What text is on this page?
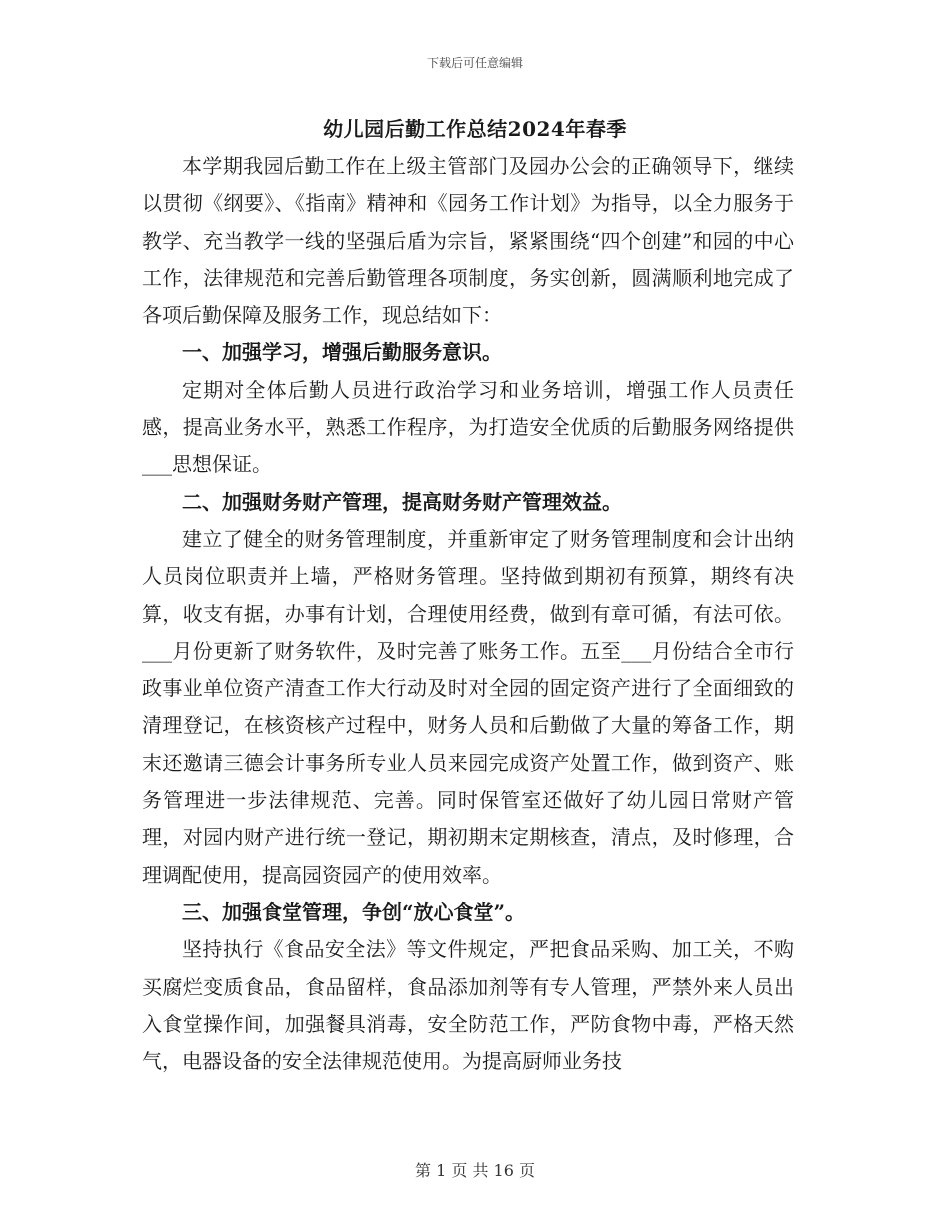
下载后可任意编辑
幼儿园后勤工作总结2024年春季

本学期我园后勤工作在上级主管部门及园办公会的正确领导下，继续以贯彻《纲要》、《指南》精神和《园务工作计划》为指导，以全力服务于教学、充当教学一线的坚强后盾为宗旨，紧紧围绕“四个创建”和园的中心工作，法律规范和完善后勤管理各项制度，务实创新，圆满顺利地完成了各项后勤保障及服务工作，现总结如下：

一、加强学习，增强后勤服务意识。

定期对全体后勤人员进行政治学习和业务培训，增强工作人员责任感，提高业务水平，熟悉工作程序，为打造安全优质的后勤服务网络提供___思想保证。

二、加强财务财产管理，提高财务财产管理效益。

建立了健全的财务管理制度，并重新审定了财务管理制度和会计出纳人员岗位职责并上墙，严格财务管理。坚持做到期初有预算，期终有决算，收支有据，办事有计划，合理使用经费，做到有章可循，有法可依。___月份更新了财务软件，及时完善了账务工作。五至___月份结合全市行政事业单位资产清查工作大行动及时对全园的固定资产进行了全面细致的清理登记，在核资核产过程中，财务人员和后勤做了大量的筹备工作，期末还邀请三德会计事务所专业人员来园完成资产处置工作，做到资产、账务管理进一步法律规范、完善。同时保管室还做好了幼儿园日常财产管理，对园内财产进行统一登记，期初期末定期核查，清点，及时修理，合理调配使用，提高园资园产的使用效率。

三、加强食堂管理，争创“放心食堂”。

坚持执行《食品安全法》等文件规定，严把食品采购、加工关，不购买腐烂变质食品，食品留样，食品添加剂等有专人管理，严禁外来人员出入食堂操作间，加强餐具消毒，安全防范工作，严防食物中毒，严格天然气，电器设备的安全法律规范使用。为提高厨师业务技

第 1 页 共 16 页
